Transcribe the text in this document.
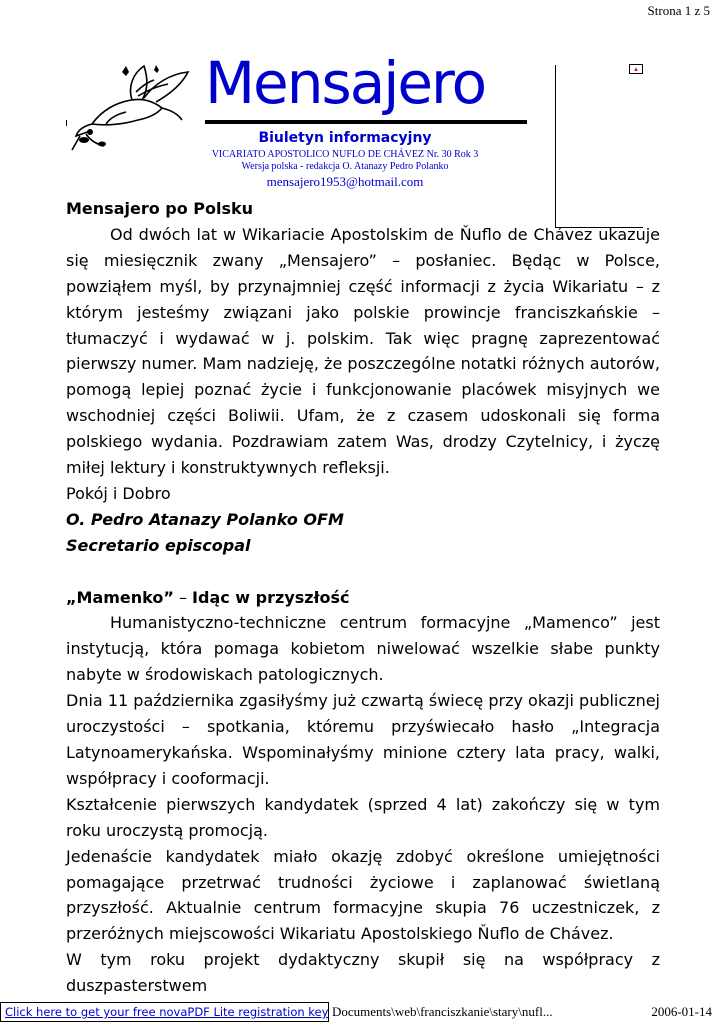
Strona 1 z 5
Mensajero
Biuletyn informacyjny
VICARIATO APOSTOLICO NUFLO DE CHÁVEZ Nr. 30 Rok 3
Wersja polska - redakcja O. Atanazy Pedro Polanko
mensajero1953@hotmail.com
▴

Mensajero po Polsku

Od dwóch lat w Wikariacie Apostolskim de Ňuflo de Chávez ukazuje się miesięcznik zwany „Mensajero” – posłaniec. Będąc w Polsce, powziąłem myśl, by przynajmniej część informacji z życia Wikariatu – z którym jesteśmy związani jako polskie prowincje franciszkańskie – tłumaczyć i wydawać w j. polskim. Tak więc pragnę zaprezentować pierwszy numer. Mam nadzieję, że poszczególne notatki różnych autorów, pomogą lepiej poznać życie i funkcjonowanie placówek misyjnych we wschodniej części Boliwii. Ufam, że z czasem udoskonali się forma polskiego wydania. Pozdrawiam zatem Was, drodzy Czytelnicy, i życzę miłej lektury i konstruktywnych refleksji.

Pokój i Dobro

O. Pedro Atanazy Polanko OFM

Secretario episcopal

„Mamenko” – Idąc w przyszłość

Humanistyczno-techniczne centrum formacyjne „Mamenco” jest instytucją, która pomaga kobietom niwelować wszelkie słabe punkty nabyte w środowiskach patologicznych.

Dnia 11 października zgasiłyśmy już czwartą świecę przy okazji publicznej uroczystości – spotkania, któremu przyświecało hasło „Integracja Latynoamerykańska. Wspominałyśmy minione cztery lata pracy, walki, współpracy i cooformacji.

Kształcenie pierwszych kandydatek (sprzed 4 lat) zakończy się w tym roku uroczystą promocją.

Jedenaście kandydatek miało okazję zdobyć określone umiejętności pomagające przetrwać trudności życiowe i zaplanować świetlaną przyszłość. Aktualnie centrum formacyjne skupia 76 uczestniczek, z przeróżnych miejscowości Wikariatu Apostolskiego Ňuflo de Chávez.

W tym roku projekt dydaktyczny skupił się na współpracy z duszpasterstwem

Click here to get your free novaPDF Lite registration key Documents\web\franciszkanie\stary\nufl...	2006-01-14
